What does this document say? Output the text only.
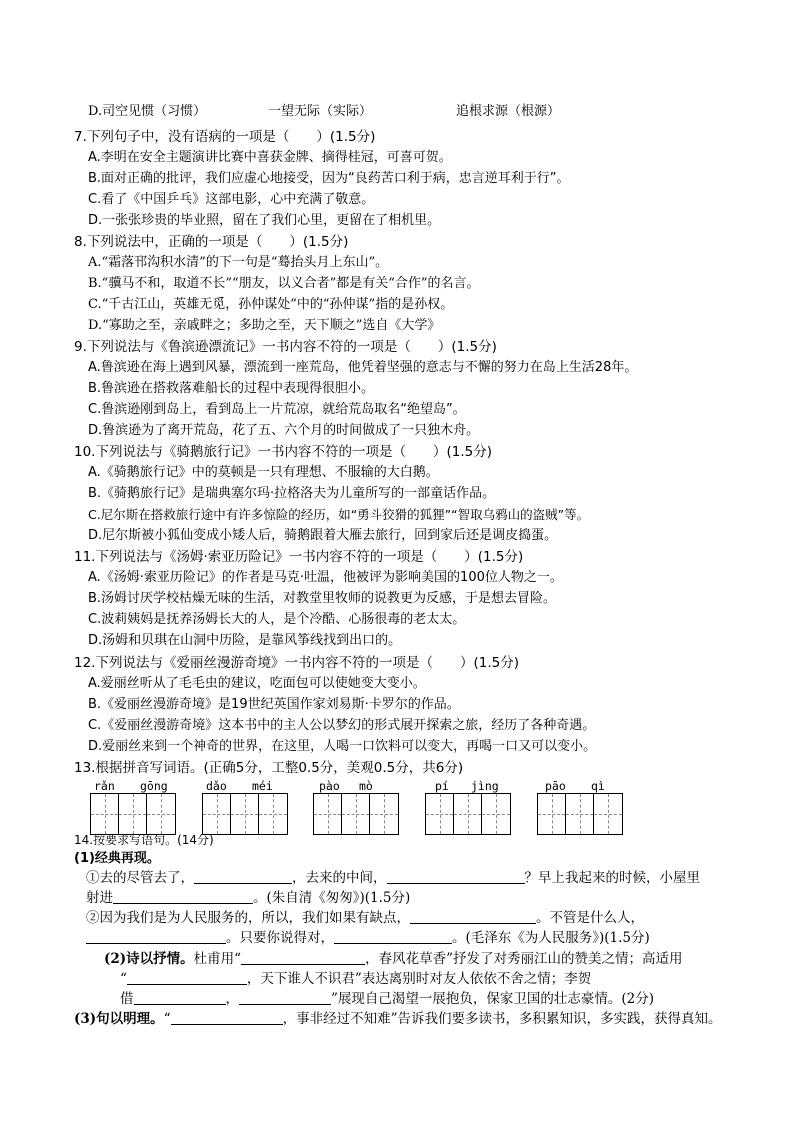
D.司空见惯（习惯）	一望无际（实际）	追根求源（根源）
7.下列句子中，没有语病的一项是（　　）(1.5分)
A.李明在安全主题演讲比赛中喜获金牌、摘得桂冠，可喜可贺。
B.面对正确的批评，我们应虚心地接受，因为“良药苦口利于病，忠言逆耳利于行”。
C.看了《中国乒乓》这部电影，心中充满了敬意。
D.一张张珍贵的毕业照，留在了我们心里，更留在了相机里。
8.下列说法中，正确的一项是（　　）(1.5分)
A.“霜落邗沟积水清”的下一句是“蓦抬头月上东山”。
B.“骥马不和，取道不长”“朋友，以义合者”都是有关“合作”的名言。
C.“千古江山，英雄无觅，孙仲谋处”中的“孙仲谋”指的是孙权。
D.“寡助之至，亲戚畔之；多助之至，天下顺之”选自《大学》
9.下列说法与《鲁滨逊漂流记》一书内容不符的一项是（　　）(1.5分)
A.鲁滨逊在海上遇到风暴，漂流到一座荒岛，他凭着坚强的意志与不懈的努力在岛上生活28年。
B.鲁滨逊在搭救落难船长的过程中表现得很胆小。
C.鲁滨逊刚到岛上，看到岛上一片荒凉，就给荒岛取名“绝望岛”。
D.鲁滨逊为了离开荒岛，花了五、六个月的时间做成了一只独木舟。
10.下列说法与《骑鹅旅行记》一书内容不符的一项是（　　）(1.5分)
A.《骑鹅旅行记》中的莫顿是一只有理想、不服输的大白鹅。
B.《骑鹅旅行记》是瑞典塞尔玛·拉格洛夫为儿童所写的一部童话作品。
C.尼尔斯在搭救旅行途中有许多惊险的经历，如“勇斗狡猾的狐狸”“智取乌鸦山的盗贼”等。
D.尼尔斯被小狐仙变成小矮人后，骑鹅跟着大雁去旅行，回到家后还是调皮捣蛋。
11.下列说法与《汤姆·索亚历险记》一书内容不符的一项是（　　）(1.5分)
A.《汤姆·索亚历险记》的作者是马克·吐温，他被评为影响美国的100位人物之一。
B.汤姆讨厌学校枯燥无味的生活，对教堂里牧师的说教更为反感，于是想去冒险。
C.波莉姨妈是抚养汤姆长大的人，是个冷酷、心肠很毒的老太太。
D.汤姆和贝琪在山洞中历险，是靠风筝线找到出口的。
12.下列说法与《爱丽丝漫游奇境》一书内容不符的一项是（　　）(1.5分)
A.爱丽丝听从了毛毛虫的建议，吃面包可以使她变大变小。
B.《爱丽丝漫游奇境》是19世纪英国作家刘易斯·卡罗尔的作品。
C.《爱丽丝漫游奇境》这本书中的主人公以梦幻的形式展开探索之旅，经历了各种奇遇。
D.爱丽丝来到一个神奇的世界，在这里，人喝一口饮料可以变大，再喝一口又可以变小。
13.根据拼音写词语。(正确5分，工整0.5分，美观0.5分，共6分)
rǎn gōng	dǎo méi	pào mò	pí jìng	pāo qì
14.按要求写语句。(14分)
(1)经典再现。
①去的尽管去了，	，去来的中间，	？早上我起来的时候，小屋里
射进	。(朱自清《匆匆》)(1.5分)
②因为我们是为人民服务的，所以，我们如果有缺点，	。不管是什么人，
。只要你说得对，	。(毛泽东《为人民服务》)(1.5分)
(2)诗以抒情。杜甫用“	，春风花草香”抒发了对秀丽江山的赞美之情；高适用
“	，天下谁人不识君”表达离别时对友人依依不舍之情；李贺
借	，	”展现自己渴望一展抱负，保家卫国的壮志豪情。(2分)
(3)句以明理。“	，事非经过不知难”告诉我们要多读书，多积累知识，多实践，获得真知。
